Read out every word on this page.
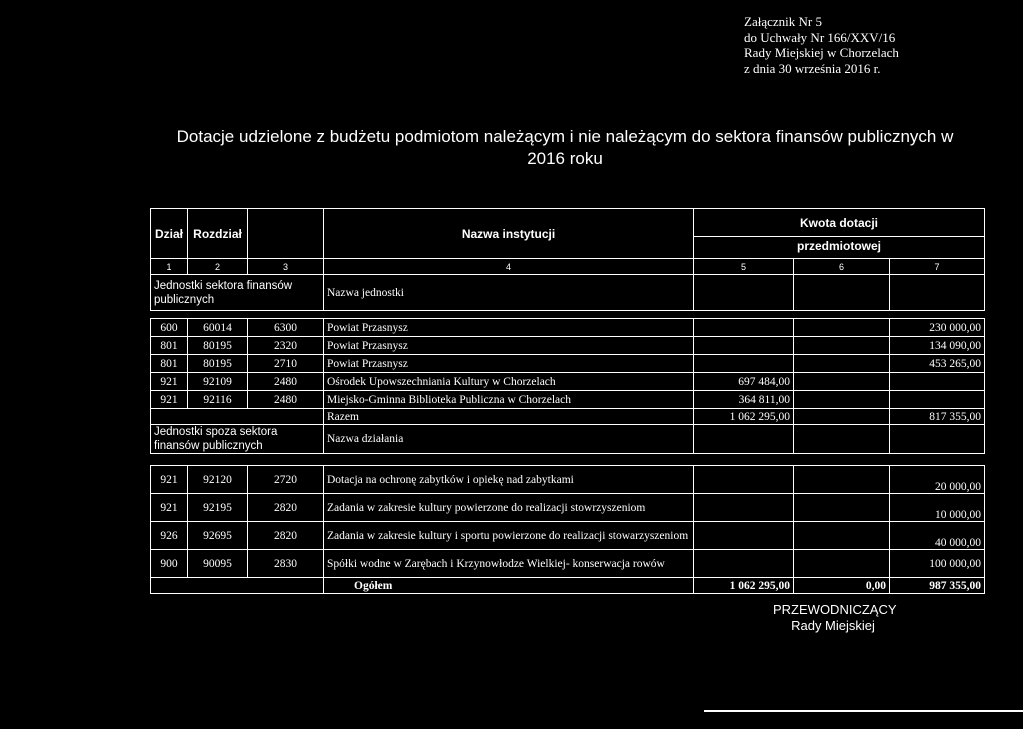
Załącznik Nr 5
do Uchwały Nr 166/XXV/16
Rady Miejskiej w Chorzelach
z dnia 30 września 2016 r.
Dotacje udzielone z budżetu podmiotom należącym i nie należącym do sektora finansów publicznych w
2016 roku
Dział	Rozdział		Nazwa instytucji	Kwota dotacji
przedmiotowej		

1	2	3	4	5	6	7
Jednostki sektora finansów publicznych			Nazwa jednostki			

600	60014	6300	Powiat Przasnysz			230 000,00
801	80195	2320	Powiat Przasnysz			134 090,00
801	80195	2710	Powiat Przasnysz			453 265,00
921	92109	2480	Ośrodek Upowszechniania Kultury w Chorzelach	697 484,00		
921	92116	2480	Miejsko-Gminna Biblioteka Publiczna w Chorzelach	364 811,00		
			Razem	1 062 295,00		817 355,00
Jednostki spoza sektora finansów publicznych			Nazwa działania			

921	92120	2720	Dotacja na ochronę zabytków i opiekę nad zabytkami			20 000,00
921	92195	2820	Zadania w zakresie kultury powierzone do realizacji stowrzyszeniom			10 000,00
926	92695	2820	Zadania w zakresie kultury i sportu powierzone do realizacji stowarzyszeniom			40 000,00
900	90095	2830	Spółki wodne w Zarębach i Krzynowłodze Wielkiej- konserwacja rowów			100 000,00
			Ogółem	1 062 295,00	0,00	987 355,00
PRZEWODNICZĄCY
Rady Miejskiej
